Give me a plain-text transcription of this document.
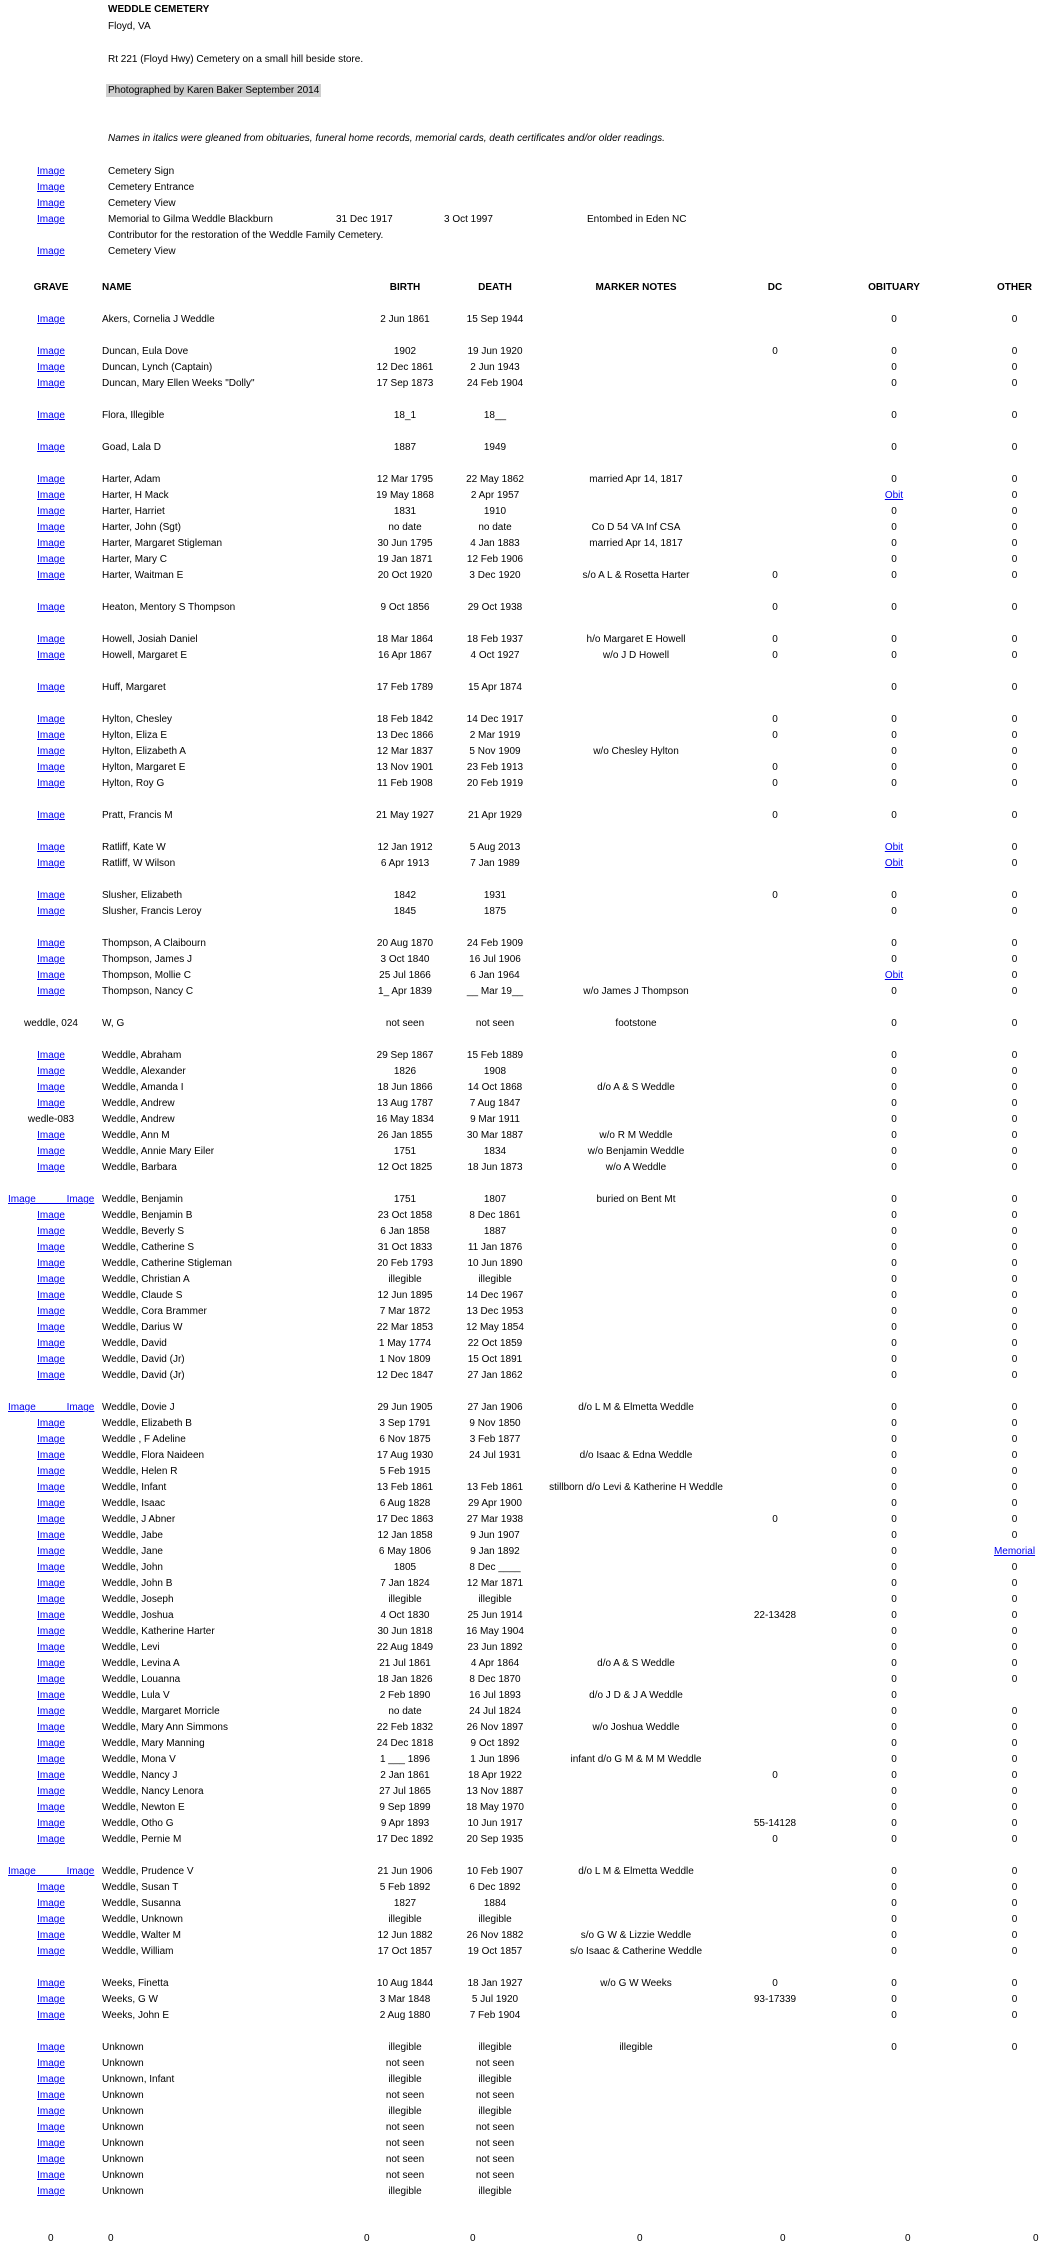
WEDDLE CEMETERY
Floyd, VA
Rt 221 (Floyd Hwy) Cemetery on a small hill beside store.
Photographed by Karen Baker September 2014
Names in italics were gleaned from obituaries, funeral home records, memorial cards, death certificates and/or older readings.
Image	Cemetery Sign
Image	Cemetery Entrance
Image	Cemetery View
Image	Memorial to Gilma Weddle Blackburn	31 Dec 1917	3 Oct 1997	Entombed in Eden NC
Contributor for the restoration of the Weddle Family Cemetery.
Image	Cemetery View
GRAVE	NAME	BIRTH	DEATH	MARKER NOTES	DC	OBITUARY	OTHER

Image	Akers, Cornelia J Weddle	2 Jun 1861	15 Sep 1944			0	0

Image	Duncan, Eula Dove	1902	19 Jun 1920		0	0	0
Image	Duncan, Lynch (Captain)	12 Dec 1861	2 Jun 1943			0	0
Image	Duncan, Mary Ellen Weeks "Dolly"	17 Sep 1873	24 Feb 1904			0	0

Image	Flora, Illegible	18_1	18__			0	0

Image	Goad, Lala D	1887	1949			0	0

Image	Harter, Adam	12 Mar 1795	22 May 1862	married Apr 14, 1817		0	0
Image	Harter, H Mack	19 May 1868	2 Apr 1957			Obit	0
Image	Harter, Harriet	1831	1910			0	0
Image	Harter, John (Sgt)	no date	no date	Co D 54 VA Inf CSA		0	0
Image	Harter, Margaret Stigleman	30 Jun 1795	4 Jan 1883	married Apr 14, 1817		0	0
Image	Harter, Mary C	19 Jan 1871	12 Feb 1906			0	0
Image	Harter, Waitman E	20 Oct 1920	3 Dec 1920	s/o A L & Rosetta Harter	0	0	0

Image	Heaton, Mentory S Thompson	9 Oct 1856	29 Oct 1938		0	0	0

Image	Howell, Josiah Daniel	18 Mar 1864	18 Feb 1937	h/o Margaret E Howell	0	0	0
Image	Howell, Margaret E	16 Apr 1867	4 Oct 1927	w/o J D Howell	0	0	0

Image	Huff, Margaret	17 Feb 1789	15 Apr 1874			0	0

Image	Hylton, Chesley	18 Feb 1842	14 Dec 1917		0	0	0
Image	Hylton, Eliza E	13 Dec 1866	2 Mar 1919		0	0	0
Image	Hylton, Elizabeth A	12 Mar 1837	5 Nov 1909	w/o Chesley Hylton		0	0
Image	Hylton, Margaret E	13 Nov 1901	23 Feb 1913		0	0	0
Image	Hylton, Roy G	11 Feb 1908	20 Feb 1919		0	0	0

Image	Pratt, Francis M	21 May 1927	21 Apr 1929		0	0	0

Image	Ratliff, Kate W	12 Jan 1912	5 Aug 2013			Obit	0
Image	Ratliff, W Wilson	6 Apr 1913	7 Jan 1989			Obit	0

Image	Slusher, Elizabeth	1842	1931		0	0	0
Image	Slusher, Francis Leroy	1845	1875			0	0

Image	Thompson, A Claibourn	20 Aug 1870	24 Feb 1909			0	0
Image	Thompson, James J	3 Oct 1840	16 Jul 1906			0	0
Image	Thompson, Mollie C	25 Jul 1866	6 Jan 1964			Obit	0
Image	Thompson, Nancy C	1_ Apr 1839	__ Mar 19__	w/o James J Thompson		0	0

weddle, 024	W, G	not seen	not seen	footstone		0	0

Image	Weddle, Abraham	29 Sep 1867	15 Feb 1889			0	0
Image	Weddle, Alexander	1826	1908			0	0
Image	Weddle, Amanda I	18 Jun 1866	14 Oct 1868	d/o A & S Weddle		0	0
Image	Weddle, Andrew	13 Aug 1787	7 Aug 1847			0	0
wedle-083	Weddle, Andrew	16 May 1834	9 Mar 1911			0	0
Image	Weddle, Ann M	26 Jan 1855	30 Mar 1887	w/o R M Weddle		0	0
Image	Weddle, Annie Mary Eiler	1751	1834	w/o Benjamin Weddle		0	0
Image	Weddle, Barbara	12 Oct 1825	18 Jun 1873	w/o A Weddle		0	0

Image Image	Weddle, Benjamin	1751	1807	buried on Bent Mt		0	0
Image	Weddle, Benjamin B	23 Oct 1858	8 Dec 1861			0	0
Image	Weddle, Beverly S	6 Jan 1858	1887			0	0
Image	Weddle, Catherine S	31 Oct 1833	11 Jan 1876			0	0
Image	Weddle, Catherine Stigleman	20 Feb 1793	10 Jun 1890			0	0
Image	Weddle, Christian A	illegible	illegible			0	0
Image	Weddle, Claude S	12 Jun 1895	14 Dec 1967			0	0
Image	Weddle, Cora Brammer	7 Mar 1872	13 Dec 1953			0	0
Image	Weddle, Darius W	22 Mar 1853	12 May 1854			0	0
Image	Weddle, David	1 May 1774	22 Oct 1859			0	0
Image	Weddle, David (Jr)	1 Nov 1809	15 Oct 1891			0	0
Image	Weddle, David (Jr)	12 Dec 1847	27 Jan 1862			0	0

Image Image	Weddle, Dovie J	29 Jun 1905	27 Jan 1906	d/o L M & Elmetta Weddle		0	0
Image	Weddle, Elizabeth B	3 Sep 1791	9 Nov 1850			0	0
Image	Weddle , F Adeline	6 Nov 1875	3 Feb 1877			0	0
Image	Weddle, Flora Naideen	17 Aug 1930	24 Jul 1931	d/o Isaac & Edna Weddle		0	0
Image	Weddle, Helen R	5 Feb 1915				0	0
Image	Weddle, Infant	13 Feb 1861	13 Feb 1861	stillborn d/o Levi & Katherine H Weddle		0	0
Image	Weddle, Isaac	6 Aug 1828	29 Apr 1900			0	0
Image	Weddle, J Abner	17 Dec 1863	27 Mar 1938		0	0	0
Image	Weddle, Jabe	12 Jan 1858	9 Jun 1907			0	0
Image	Weddle, Jane	6 May 1806	9 Jan 1892			0	Memorial
Image	Weddle, John	1805	8 Dec ____			0	0
Image	Weddle, John B	7 Jan 1824	12 Mar 1871			0	0
Image	Weddle, Joseph	illegible	illegible			0	0
Image	Weddle, Joshua	4 Oct 1830	25 Jun 1914		22-13428	0	0
Image	Weddle, Katherine Harter	30 Jun 1818	16 May 1904			0	0
Image	Weddle, Levi	22 Aug 1849	23 Jun 1892			0	0
Image	Weddle, Levina A	21 Jul 1861	4 Apr 1864	d/o A & S Weddle		0	0
Image	Weddle, Louanna	18 Jan 1826	8 Dec 1870			0	0
Image	Weddle, Lula V	2 Feb 1890	16 Jul 1893	d/o J D & J A Weddle		0	
Image	Weddle, Margaret Morricle	no date	24 Jul 1824			0	0
Image	Weddle, Mary Ann Simmons	22 Feb 1832	26 Nov 1897	w/o Joshua Weddle		0	0
Image	Weddle, Mary Manning	24 Dec 1818	9 Oct 1892			0	0
Image	Weddle, Mona V	1 ___ 1896	1 Jun 1896	infant d/o G M & M M Weddle		0	0
Image	Weddle, Nancy J	2 Jan 1861	18 Apr 1922		0	0	0
Image	Weddle, Nancy Lenora	27 Jul 1865	13 Nov 1887			0	0
Image	Weddle, Newton E	9 Sep 1899	18 May 1970			0	0
Image	Weddle, Otho G	9 Apr 1893	10 Jun 1917		55-14128	0	0
Image	Weddle, Pernie M	17 Dec 1892	20 Sep 1935		0	0	0

Image Image	Weddle, Prudence V	21 Jun 1906	10 Feb 1907	d/o L M & Elmetta Weddle		0	0
Image	Weddle, Susan T	5 Feb 1892	6 Dec 1892			0	0
Image	Weddle, Susanna	1827	1884			0	0
Image	Weddle, Unknown	illegible	illegible			0	0
Image	Weddle, Walter M	12 Jun 1882	26 Nov 1882	s/o G W & Lizzie Weddle		0	0
Image	Weddle, William	17 Oct 1857	19 Oct 1857	s/o Isaac & Catherine Weddle		0	0

Image	Weeks, Finetta	10 Aug 1844	18 Jan 1927	w/o G W Weeks	0	0	0
Image	Weeks, G W	3 Mar 1848	5 Jul 1920		93-17339	0	0
Image	Weeks, John E	2 Aug 1880	7 Feb 1904			0	0

Image	Unknown	illegible	illegible	illegible		0	0
Image	Unknown	not seen	not seen				
Image	Unknown, Infant	illegible	illegible				
Image	Unknown	not seen	not seen				
Image	Unknown	illegible	illegible				
Image	Unknown	not seen	not seen				
Image	Unknown	not seen	not seen				
Image	Unknown	not seen	not seen				
Image	Unknown	not seen	not seen				
Image	Unknown	illegible	illegible				
0	0	0	0	0	0	0	0
